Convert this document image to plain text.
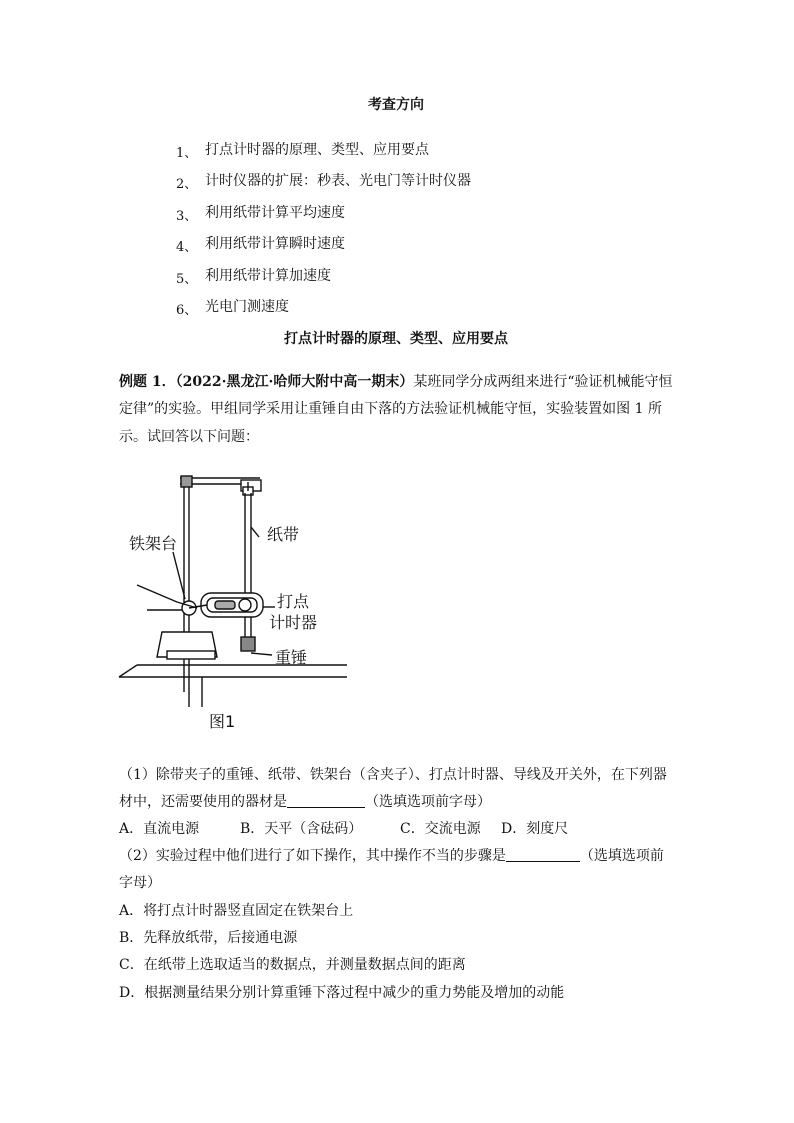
考查方向
1、 打点计时器的原理、类型、应用要点
2、 计时仪器的扩展：秒表、光电门等计时仪器
3、 利用纸带计算平均速度
4、 利用纸带计算瞬时速度
5、 利用纸带计算加速度
6、 光电门测速度
打点计时器的原理、类型、应用要点
例题 1．（2022·黑龙江·哈师大附中高一期末）某班同学分成两组来进行“验证机械能守恒
定律”的实验。甲组同学采用让重锤自由下落的方法验证机械能守恒，实验装置如图 1 所
示。试回答以下问题：
铁架台	纸带
打点
计时器
重锤
图1
（1）除带夹子的重锤、纸带、铁架台（含夹子）、打点计时器、导线及开关外，在下列器
材中，还需要使用的器材是	（选填选项前字母）
A．直流电源	B．天平（含砝码）	C．交流电源 D．刻度尺
（2）实验过程中他们进行了如下操作，其中操作不当的步骤是	（选填选项前
字母）
A．将打点计时器竖直固定在铁架台上
B．先释放纸带，后接通电源
C．在纸带上选取适当的数据点，并测量数据点间的距离
D．根据测量结果分别计算重锤下落过程中减少的重力势能及增加的动能
